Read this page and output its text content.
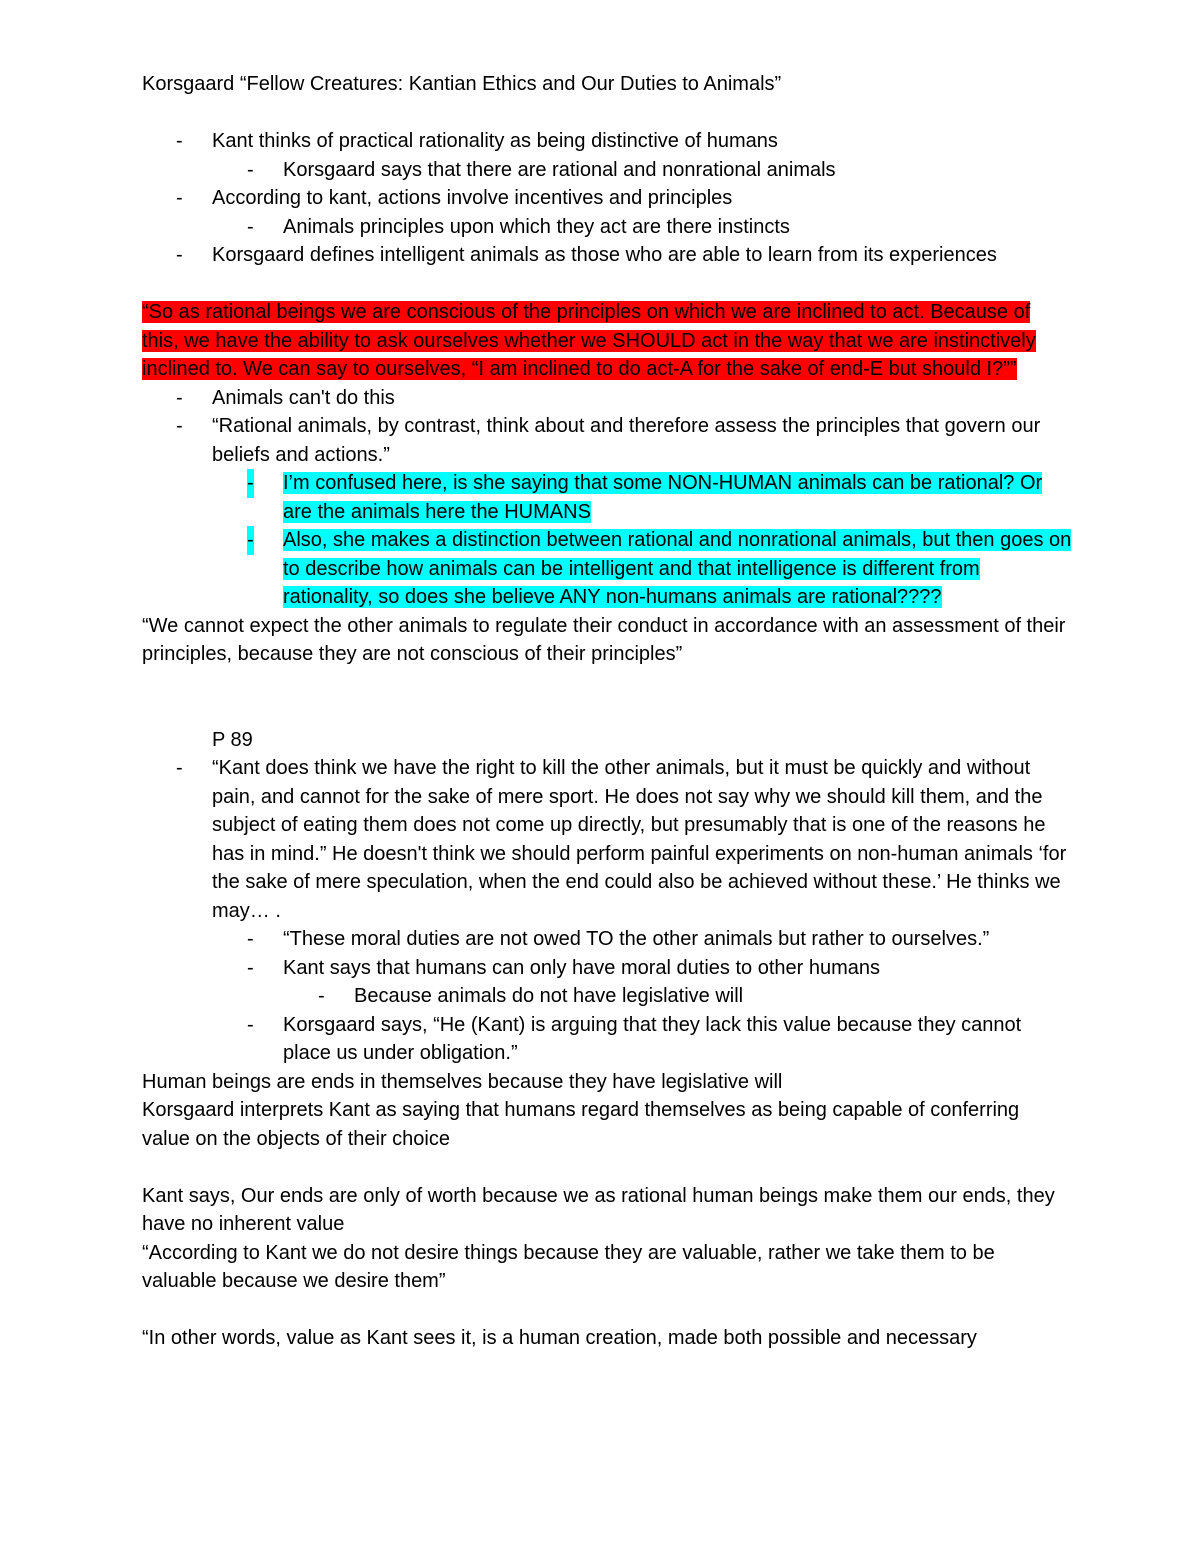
Korsgaard “Fellow Creatures: Kantian Ethics and Our Duties to Animals”
- Kant thinks of practical rationality as being distinctive of humans
- Korsgaard says that there are rational and nonrational animals
- According to kant, actions involve incentives and principles
- Animals principles upon which they act are there instincts
- Korsgaard defines intelligent animals as those who are able to learn from its experiences

“So as rational beings we are conscious of the principles on which we are inclined to act. Because of this, we have the ability to ask ourselves whether we SHOULD act in the way that we are instinctively inclined to. We can say to ourselves, “I am inclined to do act-A for the sake of end-E but should I?””

- Animals can't do this
- “Rational animals, by contrast, think about and therefore assess the principles that govern our beliefs and actions.”
- I’m confused here, is she saying that some NON-HUMAN animals can be rational? Or are the animals here the HUMANS
- Also, she makes a distinction between rational and nonrational animals, but then goes on to describe how animals can be intelligent and that intelligence is different from rationality, so does she believe ANY non-humans animals are rational????

“We cannot expect the other animals to regulate their conduct in accordance with an assessment of their principles, because they are not conscious of their principles”

P 89
- “Kant does think we have the right to kill the other animals, but it must be quickly and without pain, and cannot for the sake of mere sport. He does not say why we should kill them, and the subject of eating them does not come up directly, but presumably that is one of the reasons he has in mind.” He doesn't think we should perform painful experiments on non-human animals ‘for the sake of mere speculation, when the end could also be achieved without these.’ He thinks we may… .
- “These moral duties are not owed TO the other animals but rather to ourselves.”
- Kant says that humans can only have moral duties to other humans
- Because animals do not have legislative will
- Korsgaard says, “He (Kant) is arguing that they lack this value because they cannot place us under obligation.”

Human beings are ends in themselves because they have legislative will

Korsgaard interprets Kant as saying that humans regard themselves as being capable of conferring value on the objects of their choice

Kant says, Our ends are only of worth because we as rational human beings make them our ends, they have no inherent value

“According to Kant we do not desire things because they are valuable, rather we take them to be valuable because we desire them”

“In other words, value as Kant sees it, is a human creation, made both possible and necessary
